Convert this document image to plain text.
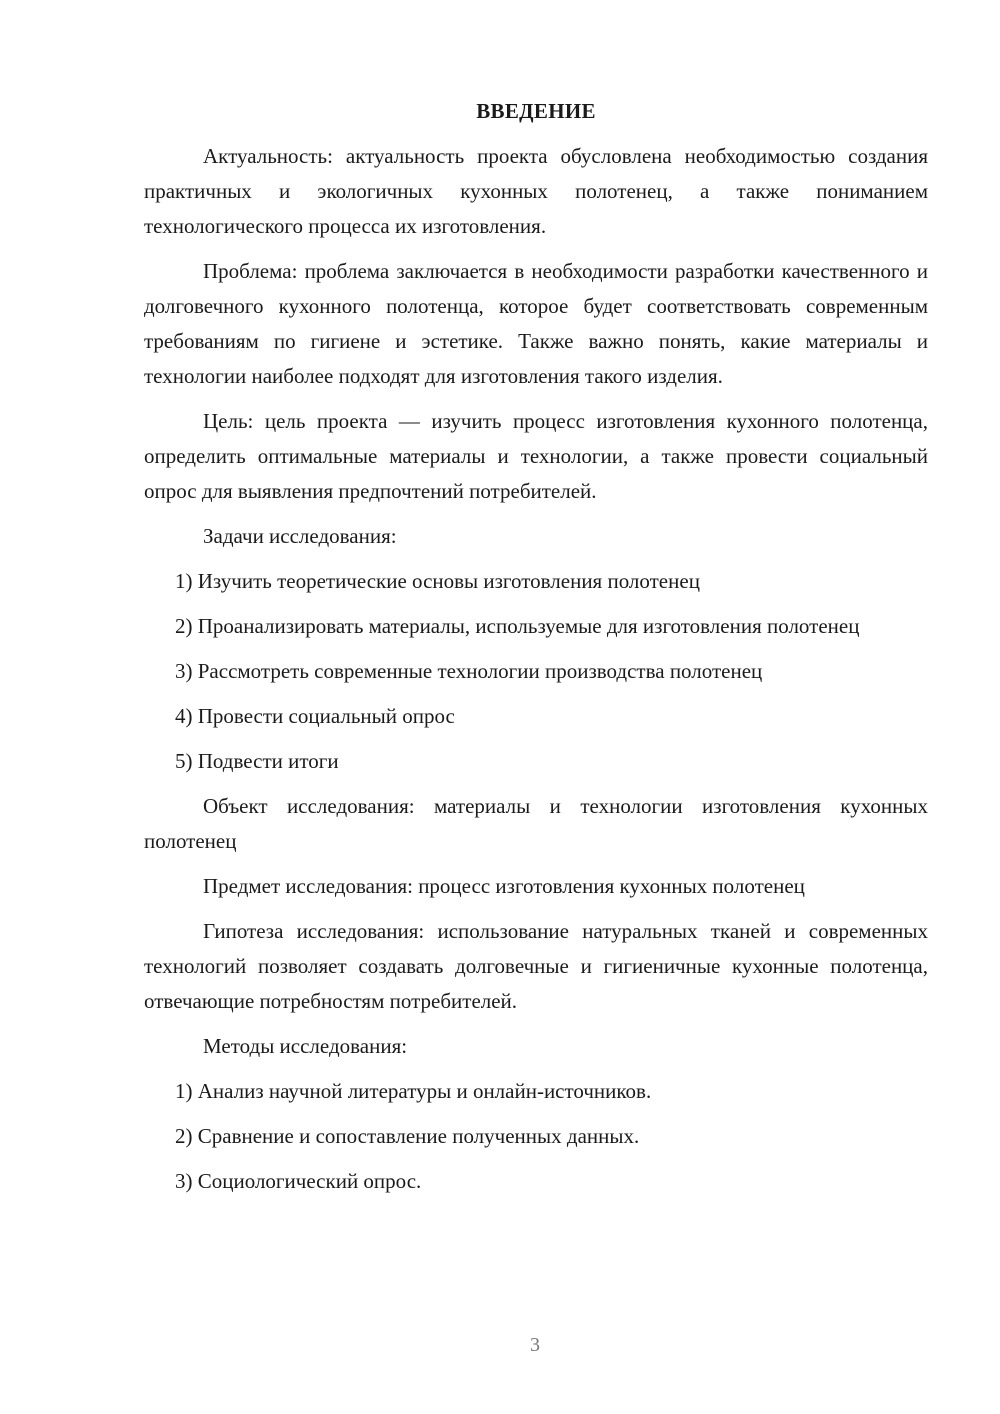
ВВЕДЕНИЕ

Актуальность: актуальность проекта обусловлена необходимостью создания практичных и экологичных кухонных полотенец, а также пониманием технологического процесса их изготовления.

Проблема: проблема заключается в необходимости разработки качественного и долговечного кухонного полотенца, которое будет соответствовать современным требованиям по гигиене и эстетике. Также важно понять, какие материалы и технологии наиболее подходят для изготовления такого изделия.

Цель: цель проекта — изучить процесс изготовления кухонного полотенца, определить оптимальные материалы и технологии, а также провести социальный опрос для выявления предпочтений потребителей.

Задачи исследования:

1) Изучить теоретические основы изготовления полотенец

2) Проанализировать материалы, используемые для изготовления полотенец

3) Рассмотреть современные технологии производства полотенец

4) Провести социальный опрос

5) Подвести итоги

Объект исследования: материалы и технологии изготовления кухонных полотенец

Предмет исследования: процесс изготовления кухонных полотенец

Гипотеза исследования: использование натуральных тканей и современных технологий позволяет создавать долговечные и гигиеничные кухонные полотенца, отвечающие потребностям потребителей.

Методы исследования:

1) Анализ научной литературы и онлайн-источников.

2) Сравнение и сопоставление полученных данных.

3) Социологический опрос.

3
